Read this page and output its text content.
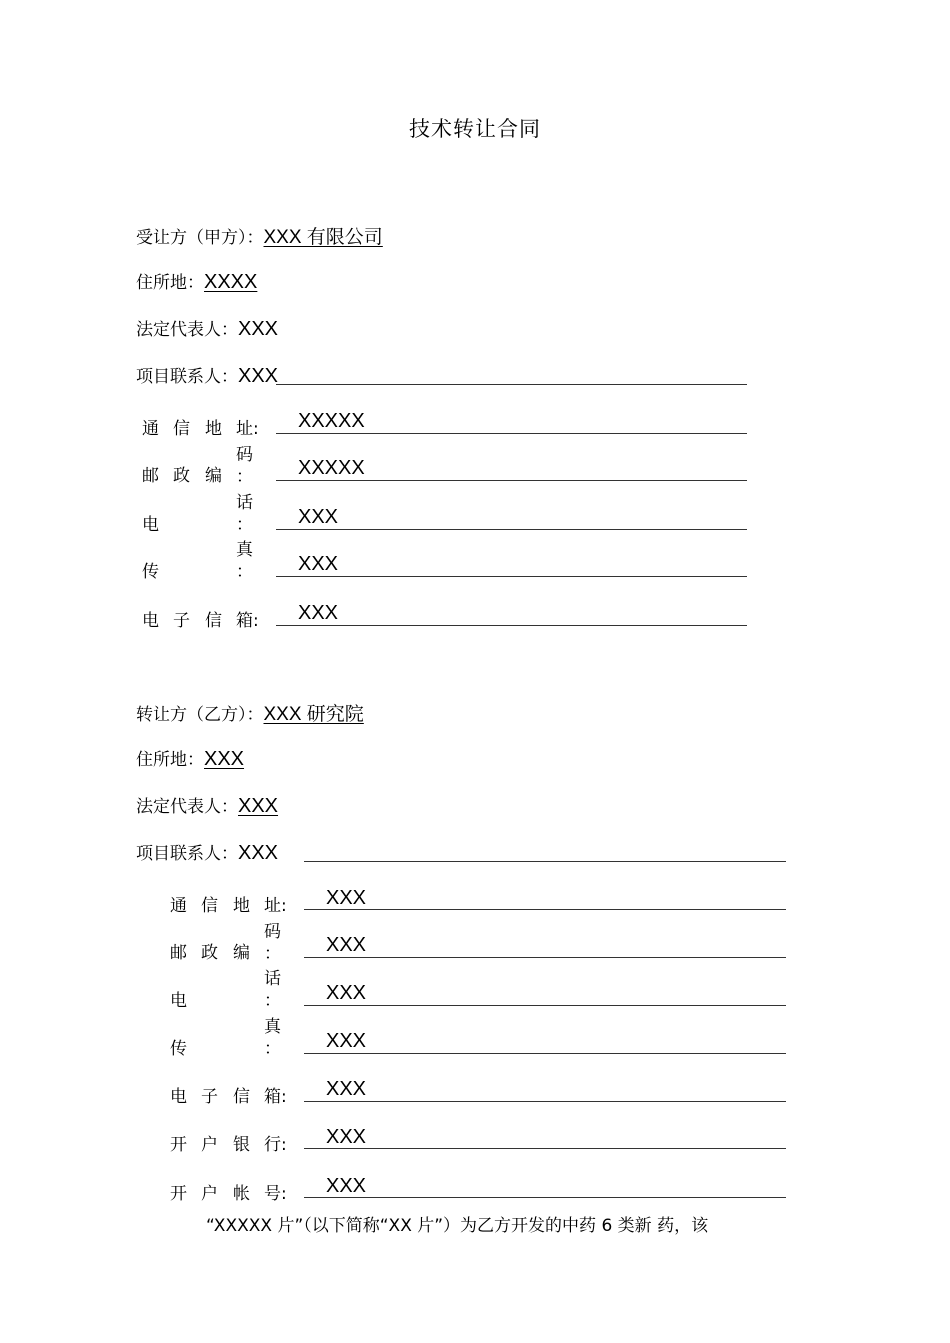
技术转让合同
受让方（甲方）：XXX 有限公司
住所地：XXXX
法定代表人：XXX
项目联系人：XXX
通 信 地 址: XXXXX
邮 政 编
码
： XXXXX
电
话
： XXX
传
真
： XXX
电 子 信 箱: XXX
转让方（乙方）：XXX 研究院
住所地：XXX
法定代表人：XXX
项目联系人：XXX
通 信 地 址: XXX
邮 政 编
码
： XXX
电
话
： XXX
传
真
： XXX
电 子 信 箱: XXX
开 户 银 行: XXX
开 户 帐 号: XXX
“XXXXX 片”（以下简称“XX 片”）为乙方开发的中药 6 类新 药，该
